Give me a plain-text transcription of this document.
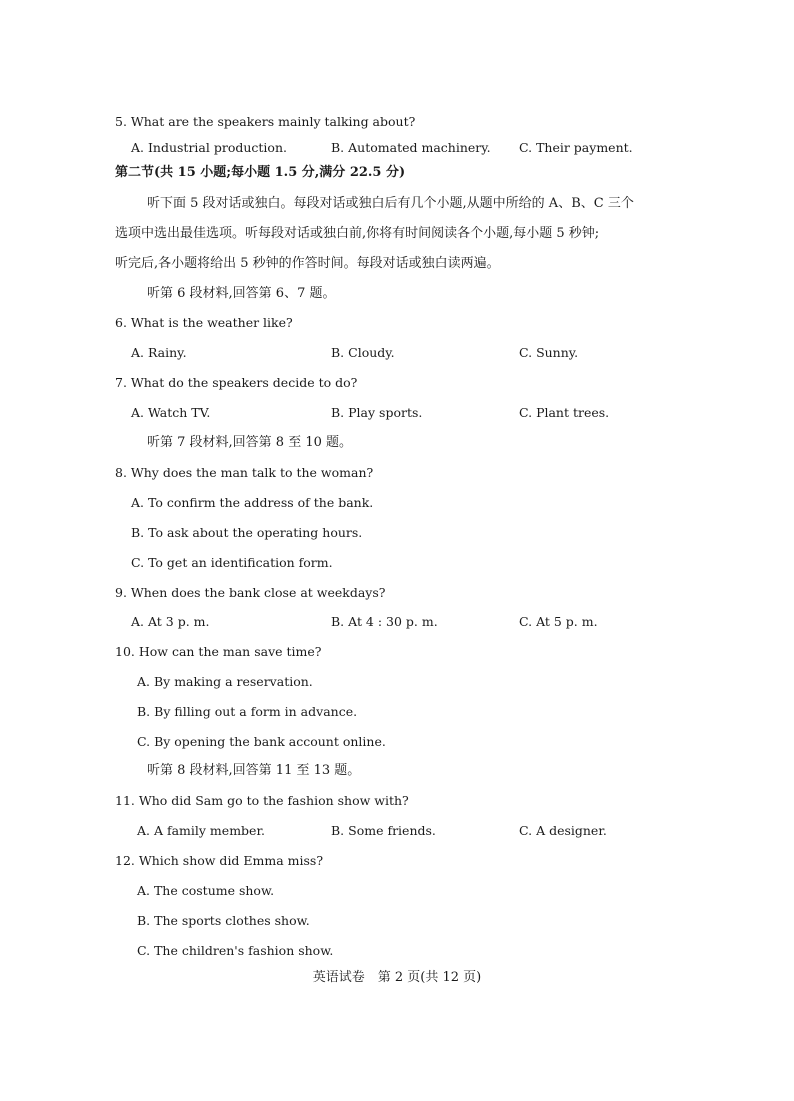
5. What are the speakers mainly talking about?
A. Industrial production.	B. Automated machinery. C. Their payment.
第二节(共 15 小题;每小题 1.5 分,满分 22.5 分)
听下面 5 段对话或独白。每段对话或独白后有几个小题,从题中所给的 A、B、C 三个
选项中选出最佳选项。听每段对话或独白前,你将有时间阅读各个小题,每小题 5 秒钟;
听完后,各小题将给出 5 秒钟的作答时间。每段对话或独白读两遍。
听第 6 段材料,回答第 6、7 题。
6. What is the weather like?
A. Rainy.	B. Cloudy.	C. Sunny.
7. What do the speakers decide to do?
A. Watch TV.	B. Play sports.	C. Plant trees.
听第 7 段材料,回答第 8 至 10 题。
8. Why does the man talk to the woman?
A. To confirm the address of the bank.
B. To ask about the operating hours.
C. To get an identification form.
9. When does the bank close at weekdays?
A. At 3 p. m.	B. At 4 : 30 p. m.	C. At 5 p. m.
10. How can the man save time?
A. By making a reservation.
B. By filling out a form in advance.
C. By opening the bank account online.
听第 8 段材料,回答第 11 至 13 题。
11. Who did Sam go to the fashion show with?
A. A family member.	B. Some friends.	C. A designer.
12. Which show did Emma miss?
A. The costume show.
B. The sports clothes show.
C. The children's fashion show.
英语试卷　第 2 页(共 12 页)
